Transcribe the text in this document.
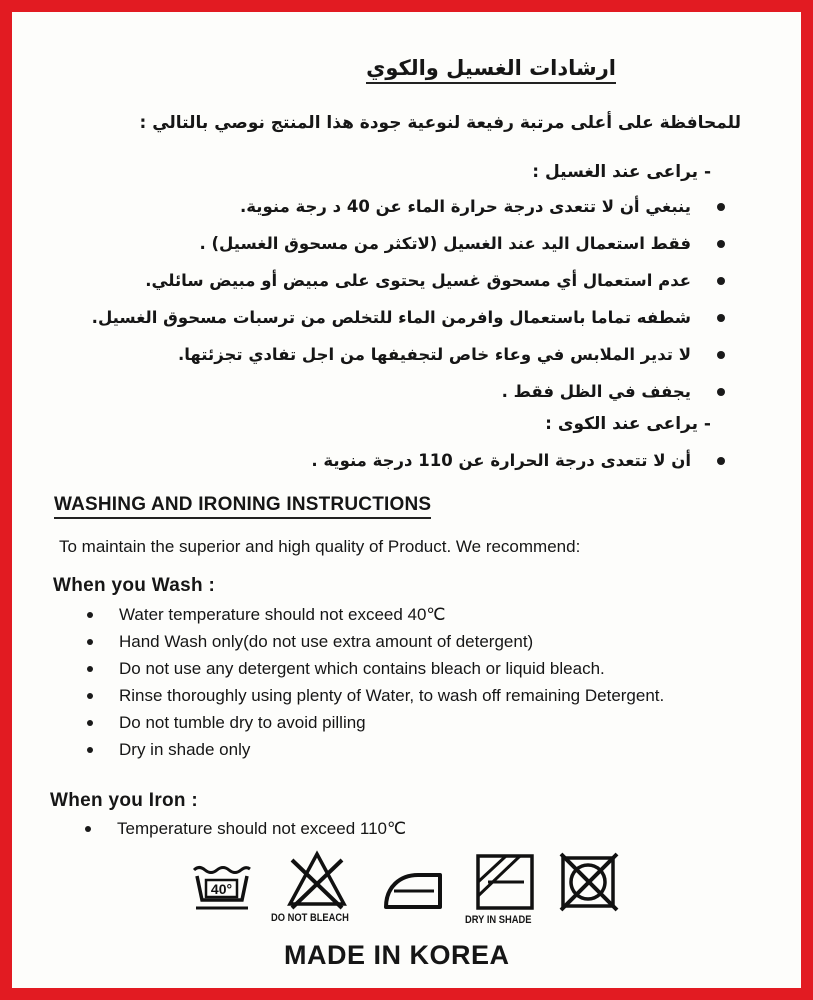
ارشادات الغسيل والكوي
للمحافظة على أعلى مرتبة رفيعة لنوعية جودة هذا المنتج نوصي بالتالي :
- يراعى عند الغسيل :
ينبغي أن لا تتعدى درجة حرارة الماء عن 40 د رجة منوية.
فقط استعمال اليد عند الغسيل (لاتكثر من مسحوق الغسيل) .
عدم استعمال أي مسحوق غسيل يحتوى على مبيض أو مبيض سائلي.
شطفه تماما باستعمال وافرمن الماء للتخلص من ترسبات مسحوق الغسيل.
لا تدير الملابس في وعاء خاص لتجفيفها من اجل تفادي تجزئتها.
يجفف في الظل فقط .
- يراعى عند الكوى :
أن لا تتعدى درجة الحرارة عن 110 درجة منوية .
WASHING AND IRONING INSTRUCTIONS
To maintain the superior and high quality of Product. We recommend:
When you Wash :
Water temperature should not exceed 40℃
Hand Wash only(do not use extra amount of detergent)
Do not use any detergent which contains bleach or liquid bleach.
Rinse thoroughly using plenty of Water, to wash off remaining Detergent.
Do not tumble dry to avoid pilling
Dry in shade only
When you Iron :
Temperature should not exceed 110℃
40°
DO NOT BLEACH	DRY IN SHADE
MADE IN KOREA
